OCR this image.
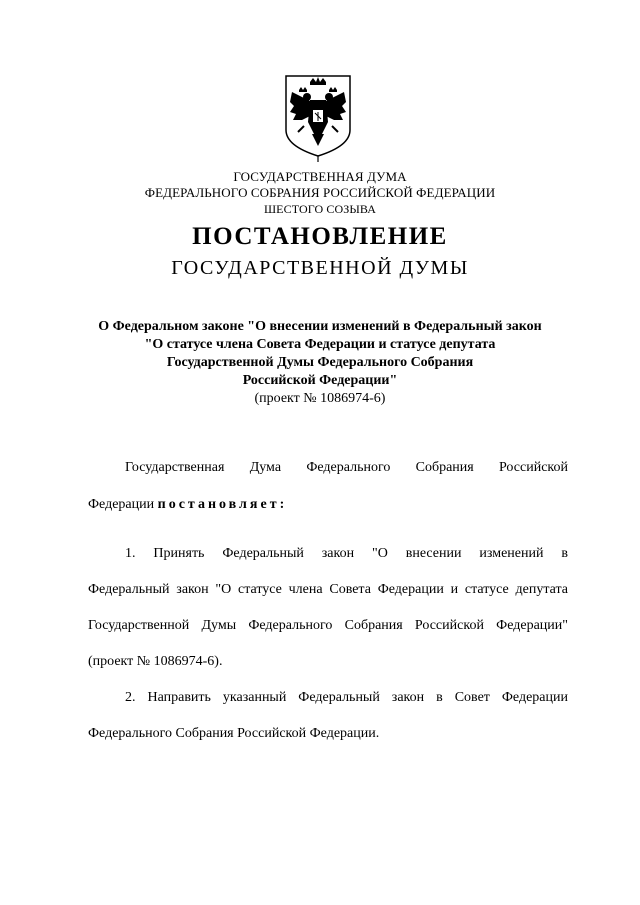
ГОСУДАРСТВЕННАЯ ДУМА
ФЕДЕРАЛЬНОГО СОБРАНИЯ РОССИЙСКОЙ ФЕДЕРАЦИИ
ШЕСТОГО СОЗЫВА
ПОСТАНОВЛЕНИЕ
ГОСУДАРСТВЕННОЙ ДУМЫ
О Федеральном законе "О внесении изменений в Федеральный закон
"О статусе члена Совета Федерации и статусе депутата
Государственной Думы Федерального Собрания
Российской Федерации"
(проект № 1086974-6)
Государственная Дума Федерального Собрания Российской
Федерации постановляет:
1. Принять Федеральный закон "О внесении изменений в
Федеральный закон "О статусе члена Совета Федерации и статусе депутата
Государственной Думы Федерального Собрания Российской Федерации"
(проект № 1086974-6).
2. Направить указанный Федеральный закон в Совет Федерации
Федерального Собрания Российской Федерации.
